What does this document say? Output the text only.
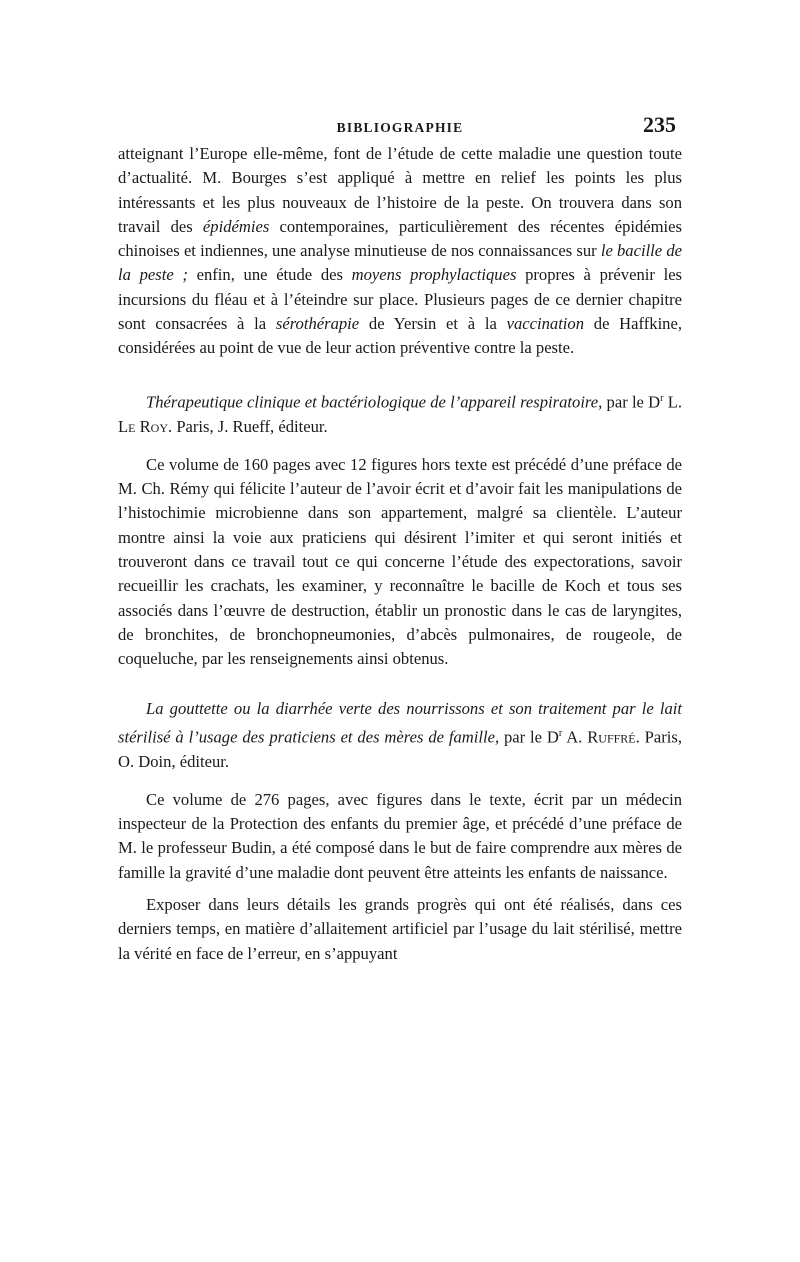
BIBLIOGRAPHIE	235

atteignant l’Europe elle-même, font de l’étude de cette maladie une question toute d’actualité. M. Bourges s’est appliqué à mettre en relief les points les plus intéressants et les plus nouveaux de l’histoire de la peste. On trouvera dans son travail des épidémies contemporaines, particulièrement des récentes épidémies chinoises et indiennes, une analyse minutieuse de nos connaissances sur le bacille de la peste ; enfin, une étude des moyens prophylactiques propres à prévenir les incursions du fléau et à l’éteindre sur place. Plusieurs pages de ce dernier chapitre sont consacrées à la sérothérapie de Yersin et à la vaccination de Haffkine, considérées au point de vue de leur action préventive contre la peste.

Thérapeutique clinique et bactériologique de l’appareil respiratoire, par le $D^r$ L. Le Roy. Paris, J. Rueff, éditeur.

Ce volume de 160 pages avec 12 figures hors texte est précédé d’une préface de M. Ch. Rémy qui félicite l’auteur de l’avoir écrit et d’avoir fait les manipulations de l’histochimie microbienne dans son appartement, malgré sa clientèle. L’auteur montre ainsi la voie aux praticiens qui désirent l’imiter et qui seront initiés et trouveront dans ce travail tout ce qui concerne l’étude des expectorations, savoir recueillir les crachats, les examiner, y reconnaître le bacille de Koch et tous ses associés dans l’œuvre de destruction, établir un pronostic dans le cas de laryngites, de bronchites, de bronchopneumonies, d’abcès pulmonaires, de rougeole, de coqueluche, par les renseignements ainsi obtenus.

La gouttette ou la diarrhée verte des nourrissons et son traitement par le lait stérilisé à l’usage des praticiens et des mères de famille, par le $D^r$ A. Ruffré. Paris, O. Doin, éditeur.

Ce volume de 276 pages, avec figures dans le texte, écrit par un médecin inspecteur de la Protection des enfants du premier âge, et précédé d’une préface de M. le professeur Budin, a été composé dans le but de faire comprendre aux mères de famille la gravité d’une maladie dont peuvent être atteints les enfants de naissance.

Exposer dans leurs détails les grands progrès qui ont été réalisés, dans ces derniers temps, en matière d’allaitement artificiel par l’usage du lait stérilisé, mettre la vérité en face de l’erreur, en s’appuyant
